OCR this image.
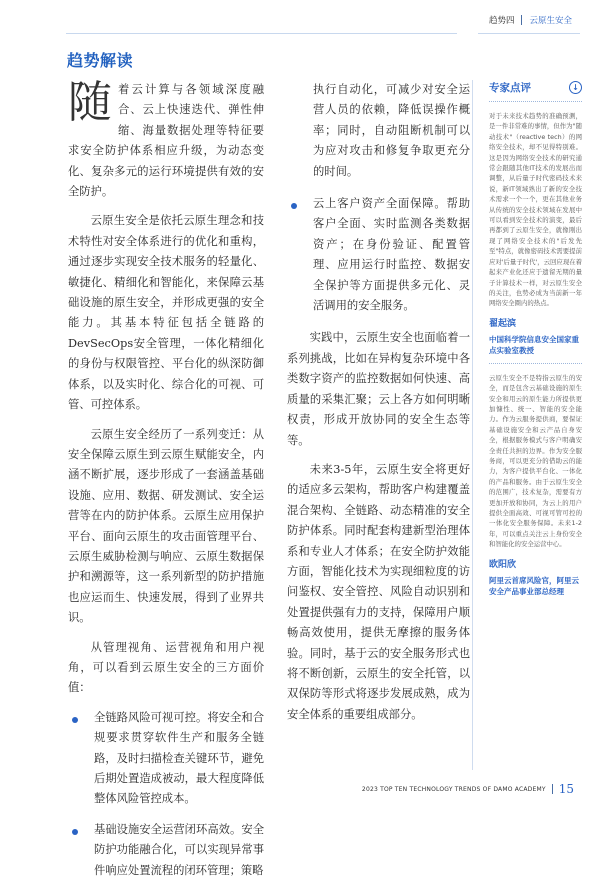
趋势四 云原生安全
趋势解读

随着云计算与各领域深度融合、云上快速迭代、弹性伸缩、海量数据处理等特征要求安全防护体系相应升级，为动态变化、复杂多元的运行环境提供有效的安全防护。

云原生安全是依托云原生理念和技术特性对安全体系进行的优化和重构，通过逐步实现安全技术服务的轻量化、敏捷化、精细化和智能化，来保障云基础设施的原生安全，并形成更强的安全能力。其基本特征包括全链路的DevSecOps安全管理，一体化精细化的身份与权限管控、平台化的纵深防御体系，以及实时化、综合化的可视、可管、可控体系。

云原生安全经历了一系列变迁：从安全保障云原生到云原生赋能安全，内涵不断扩展，逐步形成了一套涵盖基础设施、应用、数据、研发测试、安全运营等在内的防护体系。云原生应用保护平台、面向云原生的攻击面管理平台、云原生威胁检测与响应、云原生数据保护和溯源等，这一系列新型的防护措施也应运而生、快速发展，得到了业界共识。

从管理视角、运营视角和用户视角，可以看到云原生安全的三方面价值：

全链路风险可视可控。将安全和合规要求贯穿软件生产和服务全链路，及时扫描检查关键环节，避免后期处置造成被动，最大程度降低整体风险管控成本。
基础设施安全运营闭环高效。安全防护功能融合化，可以实现异常事件响应处置流程的闭环管理；策略
执行自动化，可减少对安全运营人员的依赖，降低误操作概率；同时，自动阻断机制可以为应对攻击和修复争取更充分的时间。
云上客户资产全面保障。帮助客户全面、实时监测各类数据资产；在身份验证、配置管理、应用运行时监控、数据安全保护等方面提供多元化、灵活调用的安全服务。

实践中，云原生安全也面临着一系列挑战，比如在异构复杂环境中各类数字资产的监控数据如何快速、高质量的采集汇聚；云上各方如何明晰权责，形成开放协同的安全生态等等。

未来3-5年，云原生安全将更好的适应多云架构，帮助客户构建覆盖混合架构、全链路、动态精准的安全防护体系。同时配套构建新型治理体系和专业人才体系；在安全防护效能方面，智能化技术为实现细粒度的访问鉴权、安全管控、风险自动识别和处置提供强有力的支持，保障用户顺畅高效使用，提供无摩擦的服务体验。同时，基于云的安全服务形式也将不断创新，云原生的安全托管，以双保防等形式将逐步发展成熟，成为安全体系的重要组成部分。

专家点评	↓
对于未来技术趋势的准确预测，是一件非常难的事情，但作为"随动技术"（reactive tech）的网络安全技术，却不见得特别难。这是因为网络安全技术的研究通常会跟随其他IT技术的发展出而调整，从后量子时代密码技术来说，新IT领域熟出了新的安全技术需求一个一个，更在其他业务从传统的安全技术领域在发展中可以看到安全技术的演变，最后再都到了云原生安全，就像刚出现了网络安全技术的"后发先至"特点，就像密码技术需要提前应对'后量子时代'，云回应现在着起来产业化还应于遗留无期的量子计算技术一样，对云原生安全的关注，也势必成为当前新一年网络安全圈内的热点。
翟起滨
中国科学院信息安全国家重点实验室教授
云原生安全不是特指云原生的安全，而是包含云基础设施的原生安全和用云的原生能力所提供更加慷性、统一、智能的安全能力。作为云服务提供商，要保证基础设施安全和云产品自身安全，根据服务模式与客户明确安全责任共担的边界。作为安全服务商，可以更充分的借助云的能力，为客户提供平台化、一体化的产品和服务。由于云原生安全的范围广，技术复杂，需要有方更加开放和协同，为云上的用户提供全面高效、可视可管可控的一体化安全服务保障。未来1-2年，可以重点关注云上身份安全和智能化的安全运营中心。
欧阳欣
阿里云首席风险官，阿里云安全产品事业部总经理
2023 TOP TEN TECHNOLOGY TRENDS OF DAMO ACADEMY 15
